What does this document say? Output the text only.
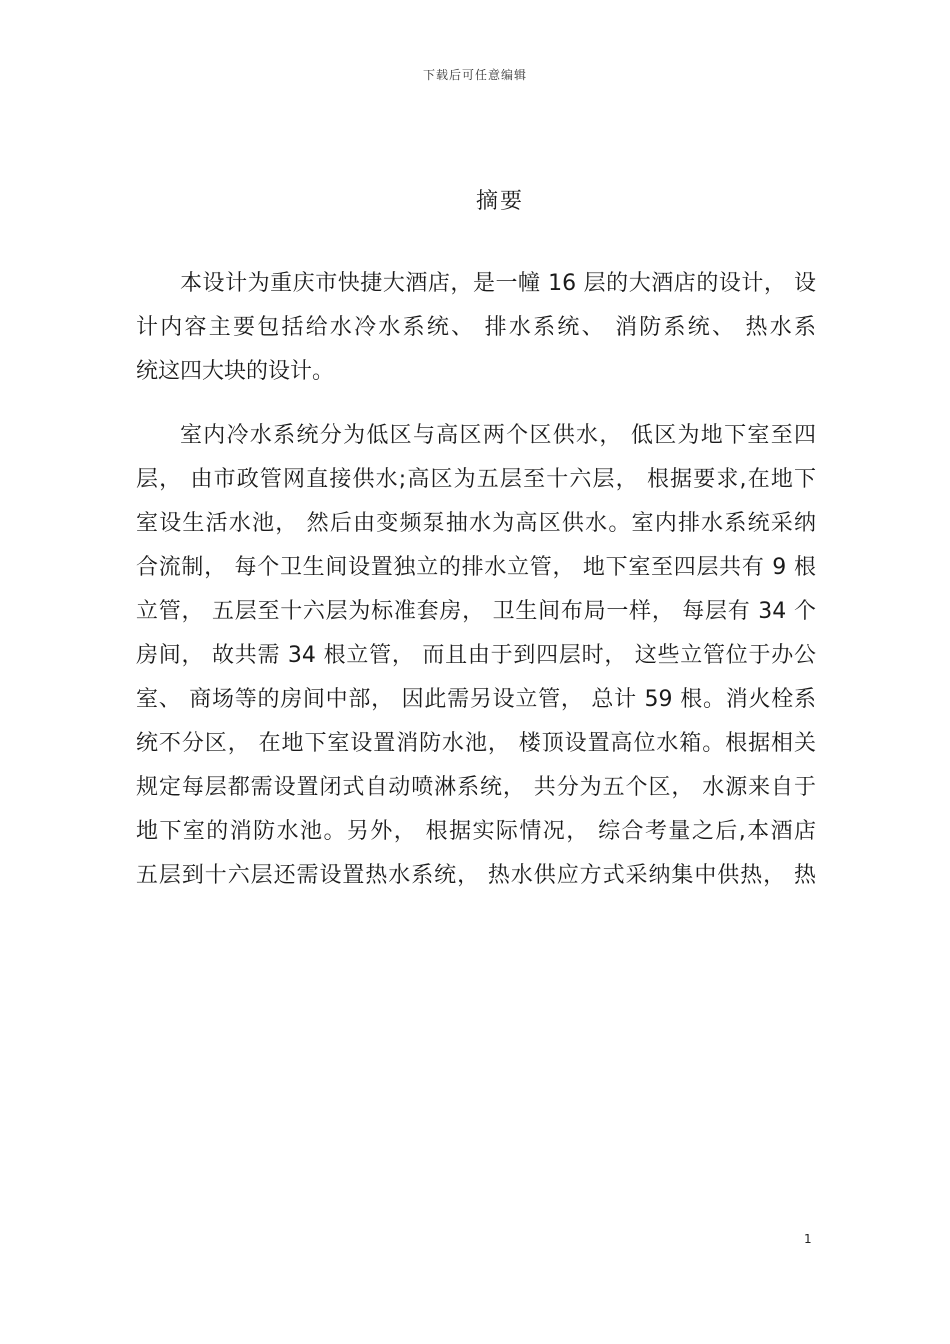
下载后可任意编辑
摘要
本设计为重庆市快捷大酒店，是一幢 16 层的大酒店的设计， 设
计内容主要包括给水冷水系统、 排水系统、 消防系统、 热水系
统这四大块的设计。
室内冷水系统分为低区与高区两个区供水， 低区为地下室至四
层， 由市政管网直接供水;高区为五层至十六层， 根据要求,在地下
室设生活水池， 然后由变频泵抽水为高区供水。室内排水系统采纳
合流制， 每个卫生间设置独立的排水立管， 地下室至四层共有 9 根
立管， 五层至十六层为标准套房， 卫生间布局一样， 每层有 34 个
房间， 故共需 34 根立管， 而且由于到四层时， 这些立管位于办公
室、 商场等的房间中部， 因此需另设立管， 总计 59 根。消火栓系
统不分区， 在地下室设置消防水池， 楼顶设置高位水箱。根据相关
规定每层都需设置闭式自动喷淋系统， 共分为五个区， 水源来自于
地下室的消防水池。另外， 根据实际情况， 综合考量之后,本酒店
五层到十六层还需设置热水系统， 热水供应方式采纳集中供热， 热
1
